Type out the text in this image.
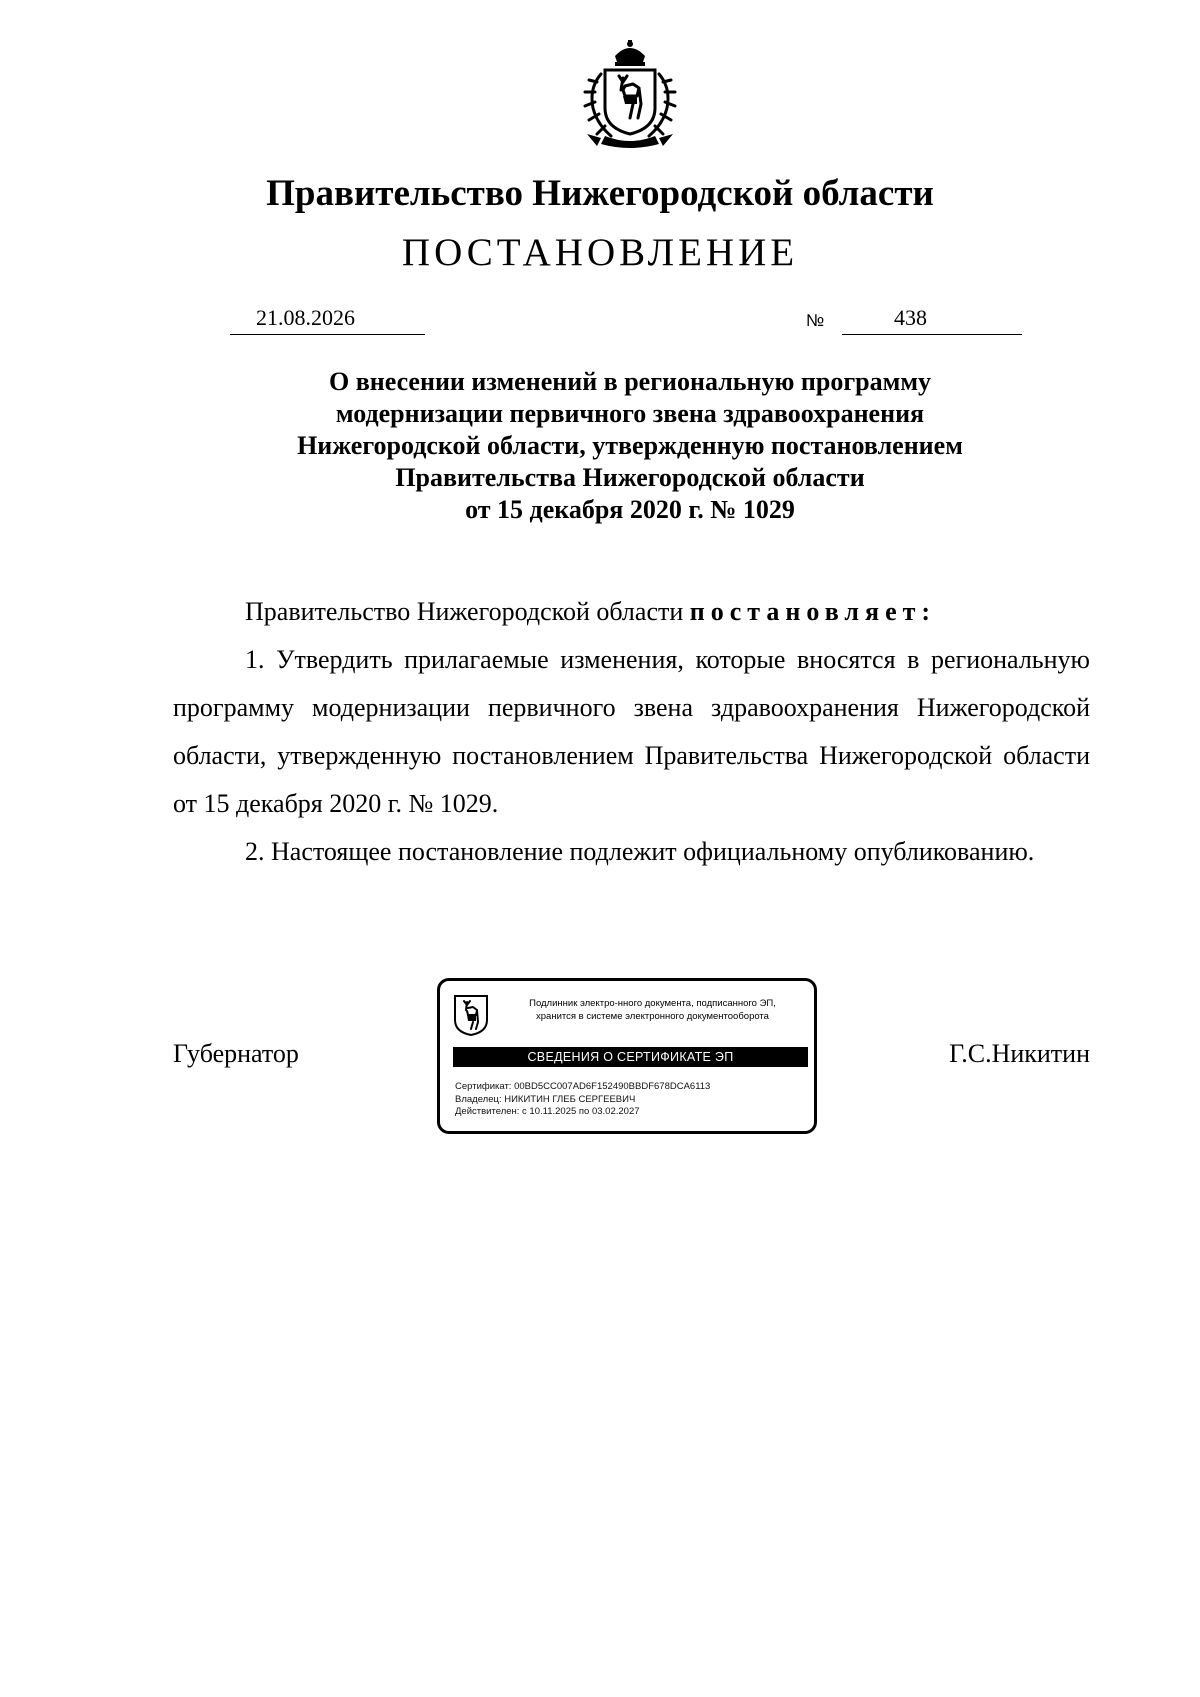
Правительство Нижегородской области
ПОСТАНОВЛЕНИЕ
21.08.2026	№	438
О внесении изменений в региональную программу
модернизации первичного звена здравоохранения
Нижегородской области, утвержденную постановлением
Правительства Нижегородской области
от 15 декабря 2020 г. № 1029

Правительство Нижегородской области постановляет:

1. Утвердить прилагаемые изменения, которые вносятся в региональную программу модернизации первичного звена здравоохранения Нижегородской области, утвержденную постановлением Правительства Нижегородской области от 15 декабря 2020 г. № 1029.

2. Настоящее постановление подлежит официальному опубликованию.

Губернатор	Г.С.Никитин
Подлинник электро-нного документа, подписанного ЭП,
хранится в системе электронного документооборота
СВЕДЕНИЯ О СЕРТИФИКАТЕ ЭП
Сертификат: 00BD5CC007AD6F152490BBDF678DCA6113
Владелец: НИКИТИН ГЛЕБ СЕРГЕЕВИЧ
Действителен: с 10.11.2025 по 03.02.2027
